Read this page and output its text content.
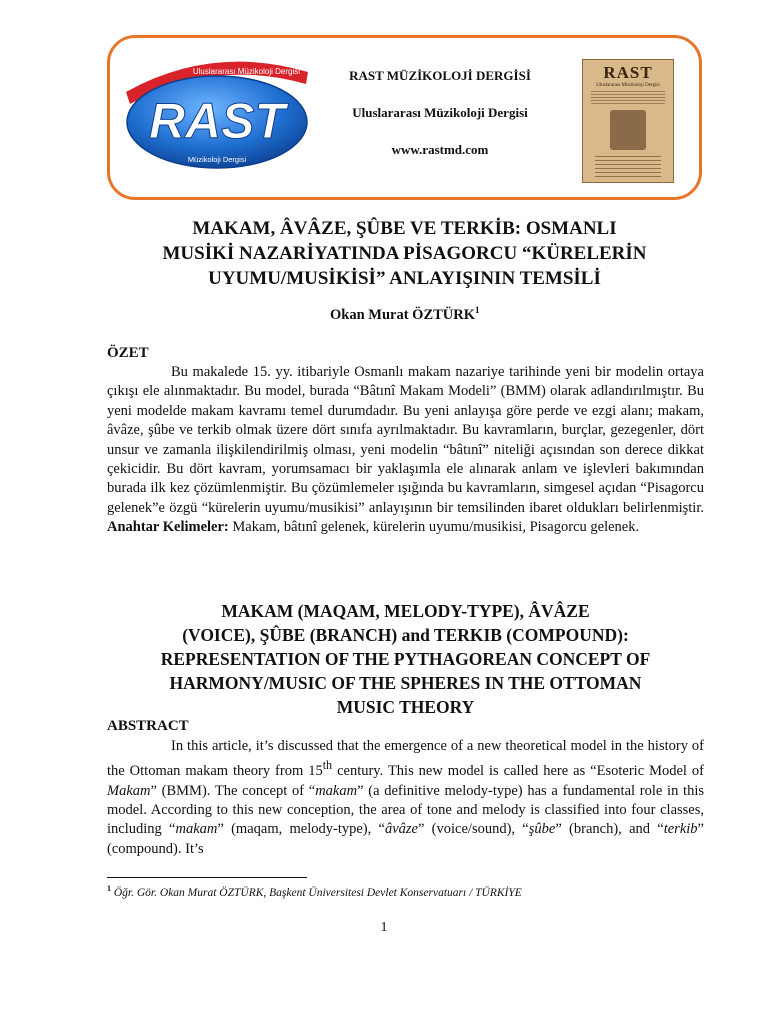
Uluslararası Müzikoloji Dergisi
RAST
Müzikoloji Dergisi
RAST MÜZİKOLOJİ DERGİSİ
Uluslararası Müzikoloji Dergisi
www.rastmd.com
RAST
Uluslararası Müzikoloji Dergisi
MAKAM, ÂVÂZE, ŞÛBE VE TERKİB: OSMANLI
MUSİKİ NAZARİYATINDA PİSAGORCU “KÜRELERİN
UYUMU/MUSİKİSİ” ANLAYIŞININ TEMSİLİ
Okan Murat ÖZTÜRK$^1$
ÖZET
Bu makalede 15. yy. itibariyle Osmanlı makam nazariye tarihinde yeni bir modelin ortaya çıkışı ele alınmaktadır. Bu model, burada “Bâtınî Makam Modeli” (BMM) olarak adlandırılmıştır. Bu yeni modelde makam kavramı temel durumdadır. Bu yeni anlayışa göre perde ve ezgi alanı; makam, âvâze, şûbe ve terkib olmak üzere dört sınıfa ayrılmaktadır. Bu kavramların, burçlar, gezegenler, dört unsur ve zamanla ilişkilendirilmiş olması, yeni modelin “bâtınî” niteliği açısından son derece dikkat çekicidir. Bu dört kavram, yorumsamacı bir yaklaşımla ele alınarak anlam ve işlevleri bakımından burada ilk kez çözümlenmiştir. Bu çözümlemeler ışığında bu kavramların, simgesel açıdan “Pisagorcu gelenek”e özgü “kürelerin uyumu/musikisi” anlayışının bir temsilinden ibaret oldukları belirlenmiştir. Anahtar Kelimeler: Makam, bâtınî gelenek, kürelerin uyumu/musikisi, Pisagorcu gelenek.
MAKAM (MAQAM, MELODY-TYPE), ÂVÂZE
(VOICE), ŞÛBE (BRANCH) and TERKIB (COMPOUND):
REPRESENTATION OF THE PYTHAGOREAN CONCEPT OF
HARMONY/MUSIC OF THE SPHERES IN THE OTTOMAN
MUSIC THEORY
ABSTRACT
In this article, it’s discussed that the emergence of a new theoretical model in the history of the Ottoman makam theory from 15th century. This new model is called here as “Esoteric Model of Makam” (BMM). The concept of “makam” (a definitive melody-type) has a fundamental role in this model. According to this new conception, the area of tone and melody is classified into four classes, including “makam” (maqam, melody-type), “âvâze” (voice/sound), “şûbe” (branch), and “terkib” (compound). It’s
$^1$ Öğr. Gör. Okan Murat ÖZTÜRK, Başkent Üniversitesi Devlet Konservatuarı / TÜRKİYE
1
